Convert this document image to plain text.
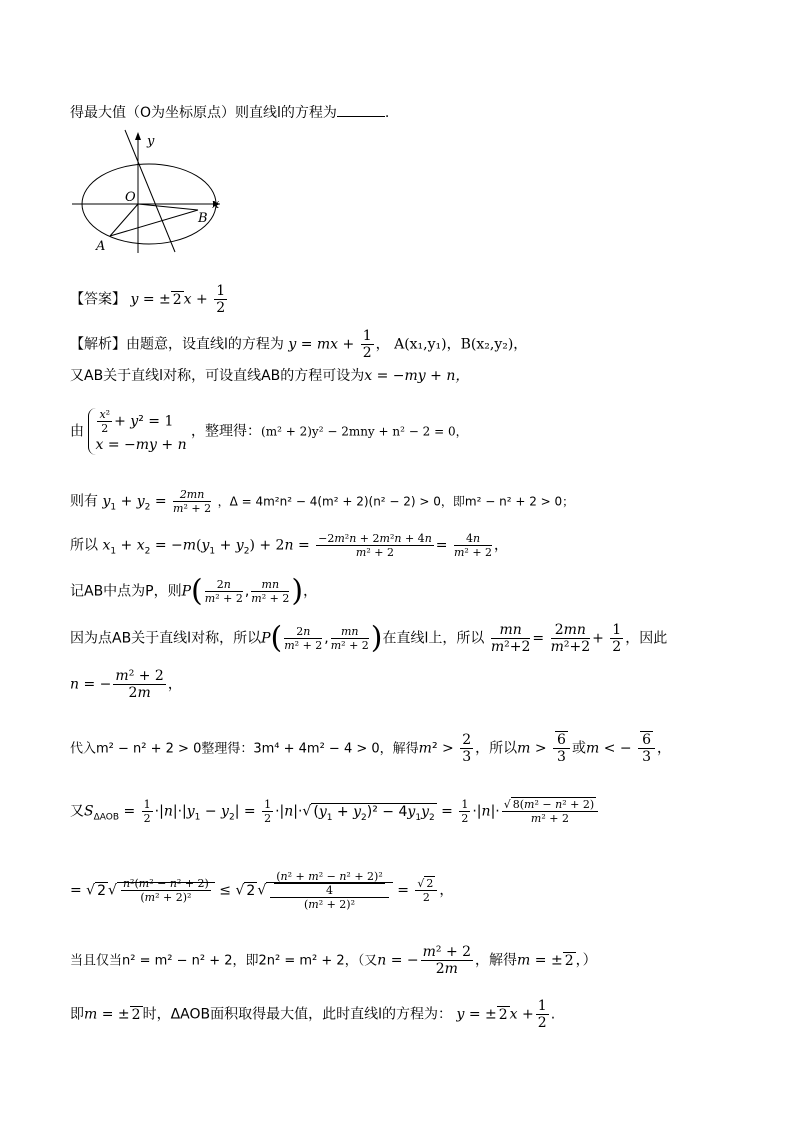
得最大值（O为坐标原点）则直线l的方程为	.
y
x
O
A
B
【答案】 y = ± 2 $x + \frac{1}{2}$
【解析】由题意，设直线l的方程为 y = mx + $\frac{1}{2}$ ， A(x₁,y₁)，B(x₂,y₂)，
又AB关于直线l对称，可设直线AB的方程可设为x = −my + n，
由 $\frac{\text{x²}}{2} + y^2 = 1$
x = −my + n
，整理得：(m² + 2)y² − 2mny + n² − 2 = 0，
则有 $y_1 + y_2 = \frac{2mn}{\text{m² + 2}}$ ，Δ = 4m²n² − 4(m² + 2)(n² − 2) > 0，即m² − n² + 2 > 0；
所以 $x_1 + x_2 = -m(y_1 + y_2) + 2n = \frac{\text{−2m²n + 2m²n + 4n}}{\text{m² + 2}} = \frac{4n}{\text{m² + 2}}$ ，
记AB中点为P，则$P( \frac{2n}{\text{m² + 2}}$ , $\frac{mn}{\text{m² + 2}}$ )，
因为点AB关于直线l对称，所以$P( \frac{2n}{\text{m² + 2}}$ , $\frac{mn}{\text{m² + 2}}$ )在直线l上，所以 $\frac{mn}{\text{m²+2}} = \frac{2mn}{\text{m²+2}} + \frac{1}{2}$ ，因此
n = − $\frac{\text{m² + 2}}{2m}$ ，
代入m² − n² + 2 > 0整理得：3m⁴ + 4m² − 4 > 0，解得$m^2 > \frac{2}{3}$ ，所以$m > \frac{6}{3}$ 或m < − $\frac{6}{3}$ ，
又$S_{\Delta AOB} = \frac{1}{2} \cdot|n|\cdot|y_1 - y_2| = \frac{1}{2} \cdot|n|\cdot√$ $(y_1 + y_2)^2 - 4y_1y_2 = \frac{1}{2} \cdot|n|\cdot \frac{\text{√ 8(m² − n² + 2)}}{\text{m² + 2}}$
= √ 2 √ $\frac{\text{n²(m² − n² + 2)}}{\text{(m² + 2)²}}$ ≤ √ 2 √ $\frac{\frac{\text{(n² + m² − n² + 2)²}}{4}}{\text{(m² + 2)²}} = \frac{√ 2}{2}$ ，
当且仅当n² = m² − n² + 2，即2n² = m² + 2，（又n = − $\frac{\text{m² + 2}}{2m}$ ，解得m = ± 2 ，）
即m = ± 2 时，ΔAOB面积取得最大值，此时直线l的方程为： y = ± 2 $x + \frac{1}{2}$ .
